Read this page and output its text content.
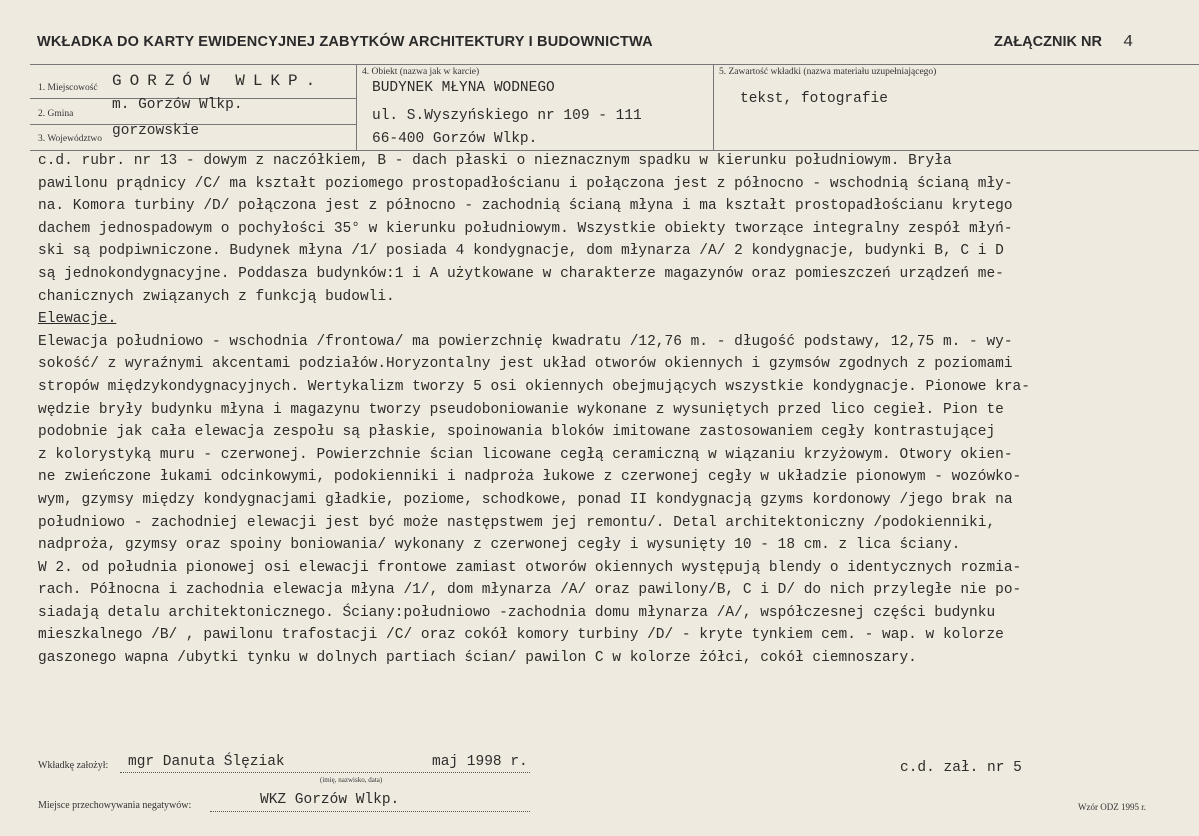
WKŁADKA DO KARTY EWIDENCYJNEJ ZABYTKÓW ARCHITEKTURY I BUDOWNICTWA	ZAŁĄCZNIK NR 4
1. Miejscowość GORZÓW WLKP.
2. Gmina
m. Gorzów Wlkp.
3. Województwo gorzowskie
4. Obiekt (nazwa jak w karcie)
BUDYNEK MŁYNA WODNEGO
ul. S.Wyszyńskiego nr 109 - 111
66-400 Gorzów Wlkp.
5. Zawartość wkładki (nazwa materiału uzupełniającego)
tekst, fotografie
c.d. rubr. nr 13 - dowym z naczółkiem, B - dach płaski o nieznacznym spadku w kierunku południowym. Bryła
pawilonu prądnicy /C/ ma kształt poziomego prostopadłościanu i połączona jest z północno - wschodnią ścianą mły-
na. Komora turbiny /D/ połączona jest z północno - zachodnią ścianą młyna i ma kształt prostopadłościanu krytego
dachem jednospadowym o pochyłości 35° w kierunku południowym. Wszystkie obiekty tworzące integralny zespół młyń-
ski są podpiwniczone. Budynek młyna /1/ posiada 4 kondygnacje, dom młynarza /A/ 2 kondygnacje, budynki B, C i D
są jednokondygnacyjne. Poddasza budynków:1 i A użytkowane w charakterze magazynów oraz pomieszczeń urządzeń me-
chanicznych związanych z funkcją budowli.
Elewacje.
Elewacja południowo - wschodnia /frontowa/ ma powierzchnię kwadratu /12,76 m. - długość podstawy, 12,75 m. - wy-
sokość/ z wyraźnymi akcentami podziałów.Horyzontalny jest układ otworów okiennych i gzymsów zgodnych z poziomami
stropów międzykondygnacyjnych. Wertykalizm tworzy 5 osi okiennych obejmujących wszystkie kondygnacje. Pionowe kra-
wędzie bryły budynku młyna i magazynu tworzy pseudoboniowanie wykonane z wysuniętych przed lico cegieł. Pion te
podobnie jak cała elewacja zespołu są płaskie, spoinowania bloków imitowane zastosowaniem cegły kontrastującej
z kolorystyką muru - czerwonej. Powierzchnie ścian licowane cegłą ceramiczną w wiązaniu krzyżowym. Otwory okien-
ne zwieńczone łukami odcinkowymi, podokienniki i nadproża łukowe z czerwonej cegły w układzie pionowym - wozówko-
wym, gzymsy między kondygnacjami gładkie, poziome, schodkowe, ponad II kondygnacją gzyms kordonowy /jego brak na
południowo - zachodniej elewacji jest być może następstwem jej remontu/. Detal architektoniczny /podokienniki,
nadproża, gzymsy oraz spoiny boniowania/ wykonany z czerwonej cegły i wysunięty 10 - 18 cm. z lica ściany.
W 2. od południa pionowej osi elewacji frontowe zamiast otworów okiennych występują blendy o identycznych rozmia-
rach. Północna i zachodnia elewacja młyna /1/, dom młynarza /A/ oraz pawilony/B, C i D/ do nich przyległe nie po-
siadają detalu architektonicznego. Ściany:południowo -zachodnia domu młynarza /A/, współczesnej części budynku
mieszkalnego /B/ , pawilonu trafostacji /C/ oraz cokół komory turbiny /D/ - kryte tynkiem cem. - wap. w kolorze
gaszonego wapna /ubytki tynku w dolnych partiach ścian/ pawilon C w kolorze żółci, cokół ciemnoszary.
Wkładkę założył: mgr Danuta Ślęziak
(imię, nazwisko, data)
maj 1998 r.	c.d. zał. nr 5
Miejsce przechowywania negatywów:	WKZ Gorzów Wlkp.	Wzór ODZ 1995 r.
